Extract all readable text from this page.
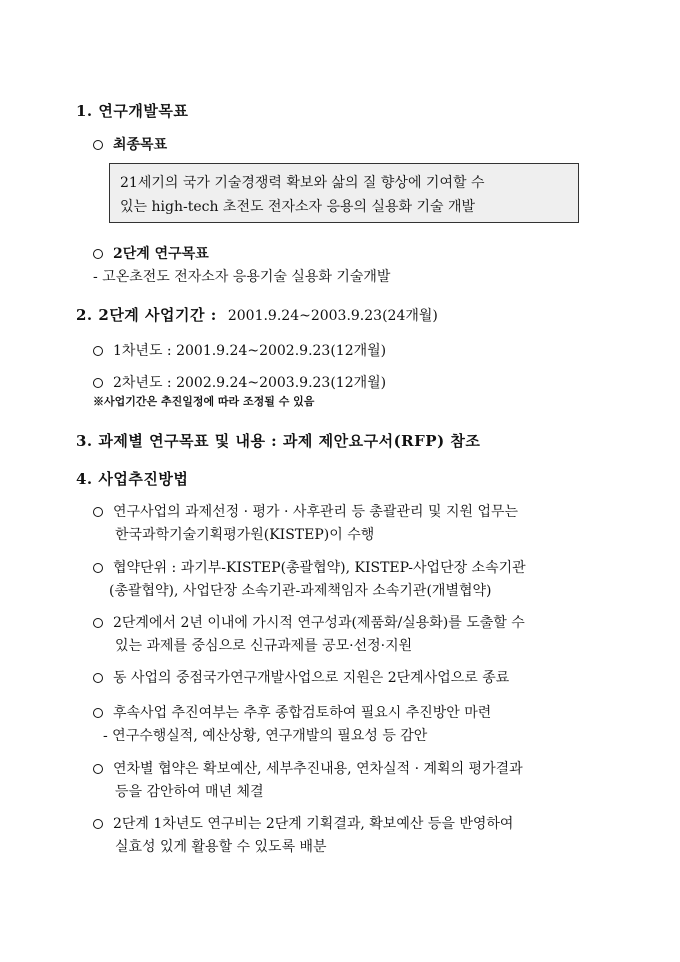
1. 연구개발목표
최종목표
21세기의 국가 기술경쟁력 확보와 삶의 질 향상에 기여할 수
있는 high-tech 초전도 전자소자 응용의 실용화 기술 개발
2단계 연구목표
- 고온초전도 전자소자 응용기술 실용화 기술개발
2. 2단계 사업기간 : 2001.9.24~2003.9.23(24개월)
1차년도 : 2001.9.24~2002.9.23(12개월)
2차년도 : 2002.9.24~2003.9.23(12개월)
※사업기간은 추진일정에 따라 조정될 수 있음
3. 과제별 연구목표 및 내용 : 과제 제안요구서(RFP) 참조
4. 사업추진방법
연구사업의 과제선정 · 평가 · 사후관리 등 총괄관리 및 지원 업무는
한국과학기술기획평가원(KISTEP)이 수행
협약단위 : 과기부-KISTEP(총괄협약), KISTEP-사업단장 소속기관
(총괄협약), 사업단장 소속기관-과제책임자 소속기관(개별협약)
2단계에서 2년 이내에 가시적 연구성과(제품화/실용화)를 도출할 수
있는 과제를 중심으로 신규과제를 공모·선정·지원
동 사업의 중점국가연구개발사업으로 지원은 2단계사업으로 종료
후속사업 추진여부는 추후 종합검토하여 필요시 추진방안 마련
- 연구수행실적, 예산상황, 연구개발의 필요성 등 감안
연차별 협약은 확보예산, 세부추진내용, 연차실적 · 계획의 평가결과
등을 감안하여 매년 체결
2단계 1차년도 연구비는 2단계 기획결과, 확보예산 등을 반영하여
실효성 있게 활용할 수 있도록 배분
